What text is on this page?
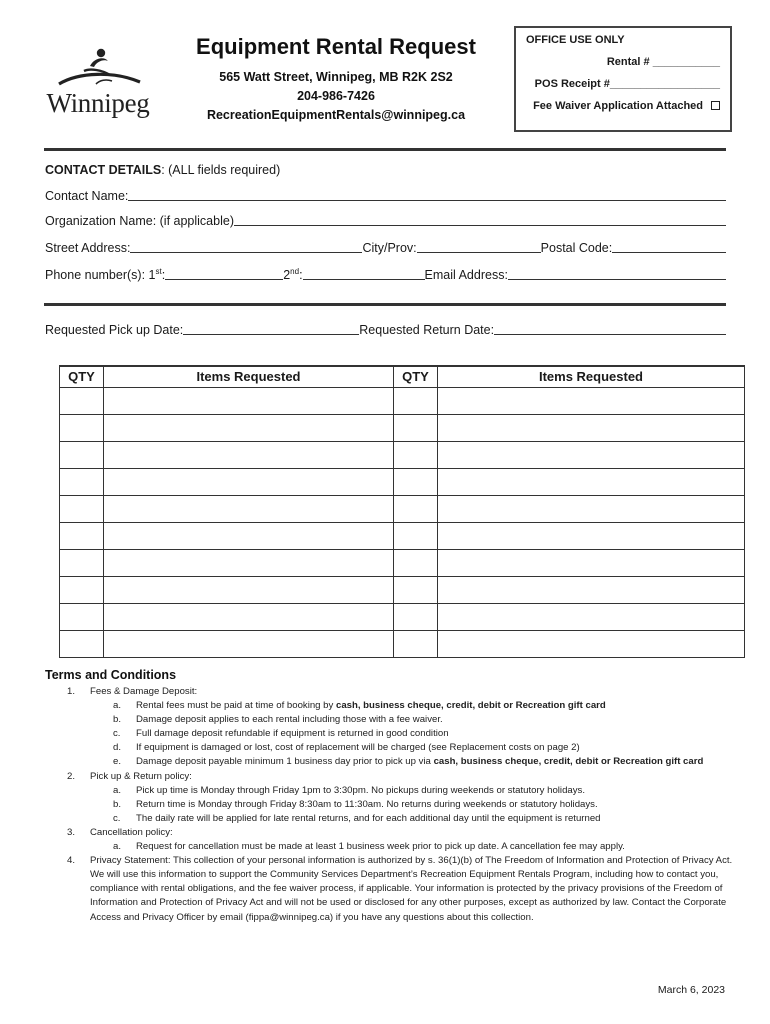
Winnipeg
Equipment Rental Request
565 Watt Street, Winnipeg, MB R2K 2S2
204-986-7426
RecreationEquipmentRentals@winnipeg.ca
OFFICE USE ONLY
Rental # ___________
POS Receipt #__________________
Fee Waiver Application Attached
CONTACT DETAILS: (ALL fields required)
Contact Name:
Organization Name: (if applicable)
Street Address:	City/Prov:	Postal Code:
Phone number(s): 1st:	2nd:	Email Address:
Requested Pick up Date:	Requested Return Date:
QTY	Items Requested	QTY	Items Requested

Terms and Conditions
1. Fees & Damage Deposit:
a. Rental fees must be paid at time of booking by cash, business cheque, credit, debit or Recreation gift card
b. Damage deposit applies to each rental including those with a fee waiver.
c. Full damage deposit refundable if equipment is returned in good condition
d. If equipment is damaged or lost, cost of replacement will be charged (see Replacement costs on page 2)
e. Damage deposit payable minimum 1 business day prior to pick up via cash, business cheque, credit, debit or Recreation gift card
2. Pick up & Return policy:
a. Pick up time is Monday through Friday 1pm to 3:30pm. No pickups during weekends or statutory holidays.
b. Return time is Monday through Friday 8:30am to 11:30am. No returns during weekends or statutory holidays.
c. The daily rate will be applied for late rental returns, and for each additional day until the equipment is returned
3. Cancellation policy:
a. Request for cancellation must be made at least 1 business week prior to pick up date. A cancellation fee may apply.
4. Privacy Statement: This collection of your personal information is authorized by s. 36(1)(b) of The Freedom of Information and Protection of Privacy Act. We will use this information to support the Community Services Department’s Recreation Equipment Rentals Program, including how to contact you, compliance with rental obligations, and the fee waiver process, if applicable. Your information is protected by the privacy provisions of the Freedom of Information and Protection of Privacy Act and will not be used or disclosed for any other purposes, except as authorized by law. Contact the Corporate Access and Privacy Officer by email (fippa@winnipeg.ca) if you have any questions about this collection.
March 6, 2023
